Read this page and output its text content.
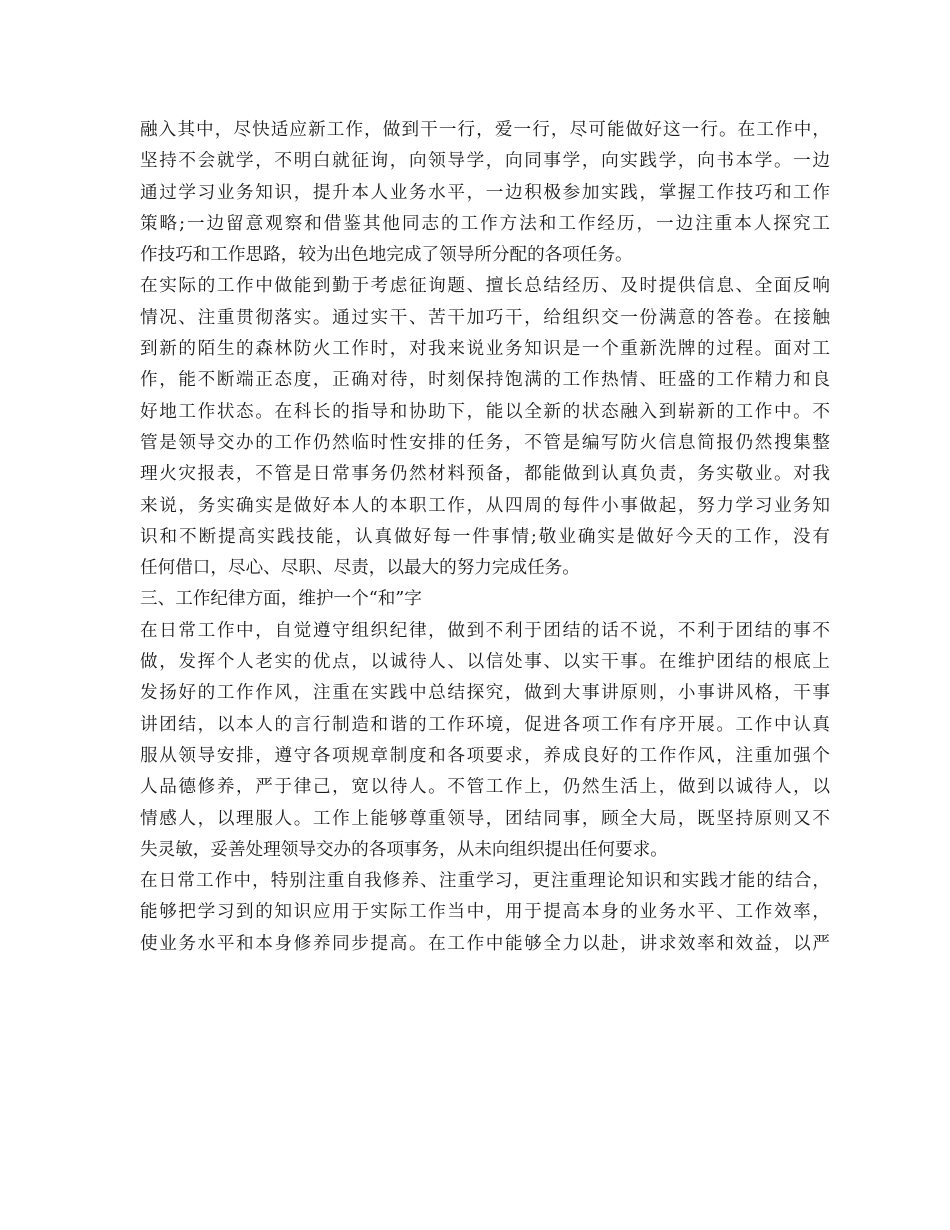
融入其中，尽快适应新工作，做到干一行，爱一行，尽可能做好这一行。在工作中，
坚持不会就学，不明白就征询，向领导学，向同事学，向实践学，向书本学。一边
通过学习业务知识，提升本人业务水平，一边积极参加实践，掌握工作技巧和工作
策略;一边留意观察和借鉴其他同志的工作方法和工作经历，一边注重本人探究工
作技巧和工作思路，较为出色地完成了领导所分配的各项任务。

在实际的工作中做能到勤于考虑征询题、擅长总结经历、及时提供信息、全面反响
情况、注重贯彻落实。通过实干、苦干加巧干，给组织交一份满意的答卷。在接触
到新的陌生的森林防火工作时，对我来说业务知识是一个重新洗牌的过程。面对工
作，能不断端正态度，正确对待，时刻保持饱满的工作热情、旺盛的工作精力和良
好地工作状态。在科长的指导和协助下，能以全新的状态融入到崭新的工作中。不
管是领导交办的工作仍然临时性安排的任务，不管是编写防火信息简报仍然搜集整
理火灾报表，不管是日常事务仍然材料预备，都能做到认真负责，务实敬业。对我
来说，务实确实是做好本人的本职工作，从四周的每件小事做起，努力学习业务知
识和不断提高实践技能，认真做好每一件事情;敬业确实是做好今天的工作，没有
任何借口，尽心、尽职、尽责，以最大的努力完成任务。

三、工作纪律方面，维护一个“和”字

在日常工作中，自觉遵守组织纪律，做到不利于团结的话不说，不利于团结的事不
做，发挥个人老实的优点，以诚待人、以信处事、以实干事。在维护团结的根底上
发扬好的工作作风，注重在实践中总结探究，做到大事讲原则，小事讲风格，干事
讲团结，以本人的言行制造和谐的工作环境，促进各项工作有序开展。工作中认真
服从领导安排，遵守各项规章制度和各项要求，养成良好的工作作风，注重加强个
人品德修养，严于律己，宽以待人。不管工作上，仍然生活上，做到以诚待人，以
情感人，以理服人。工作上能够尊重领导，团结同事，顾全大局，既坚持原则又不
失灵敏，妥善处理领导交办的各项事务，从未向组织提出任何要求。

在日常工作中，特别注重自我修养、注重学习，更注重理论知识和实践才能的结合，
能够把学习到的知识应用于实际工作当中，用于提高本身的业务水平、工作效率，
使业务水平和本身修养同步提高。在工作中能够全力以赴，讲求效率和效益，以严
